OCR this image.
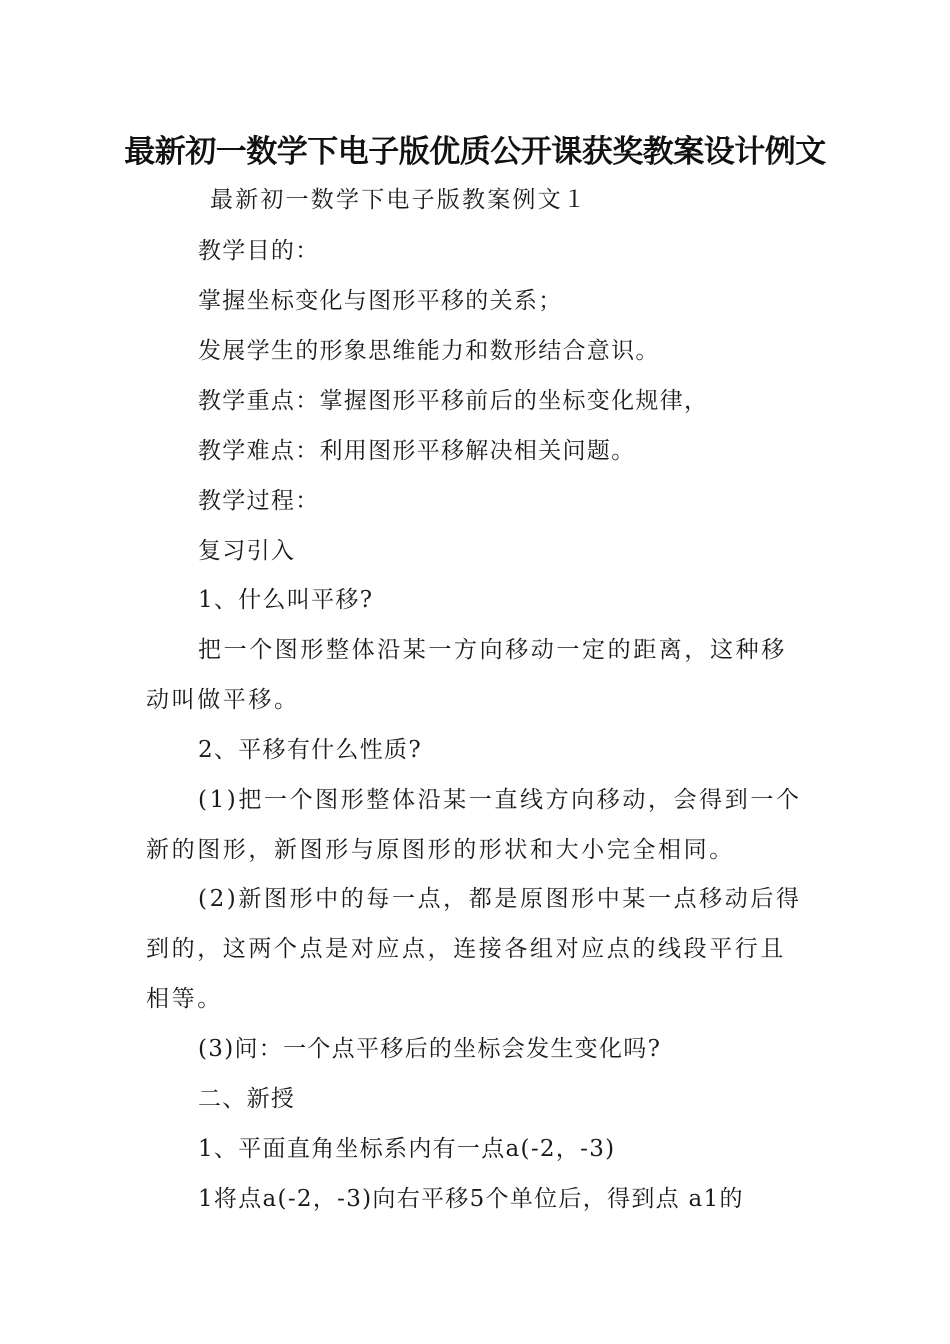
最新初一数学下电子版优质公开课获奖教案设计例文
最新初一数学下电子版教案例文１
教学目的：
掌握坐标变化与图形平移的关系；
发展学生的形象思维能力和数形结合意识。
教学重点：掌握图形平移前后的坐标变化规律，
教学难点：利用图形平移解决相关问题。
教学过程：
复习引入
1、什么叫平移?
把一个图形整体沿某一方向移动一定的距离，这种移动叫做平移。
2、平移有什么性质?
(1)把一个图形整体沿某一直线方向移动，会得到一个新的图形，新图形与原图形的形状和大小完全相同。
(2)新图形中的每一点，都是原图形中某一点移动后得到的，这两个点是对应点，连接各组对应点的线段平行且相等。
(3)问：一个点平移后的坐标会发生变化吗?
二、新授
1、平面直角坐标系内有一点a(-2，-3)
1将点a(-2，-3)向右平移5个单位后，得到点 a1的
